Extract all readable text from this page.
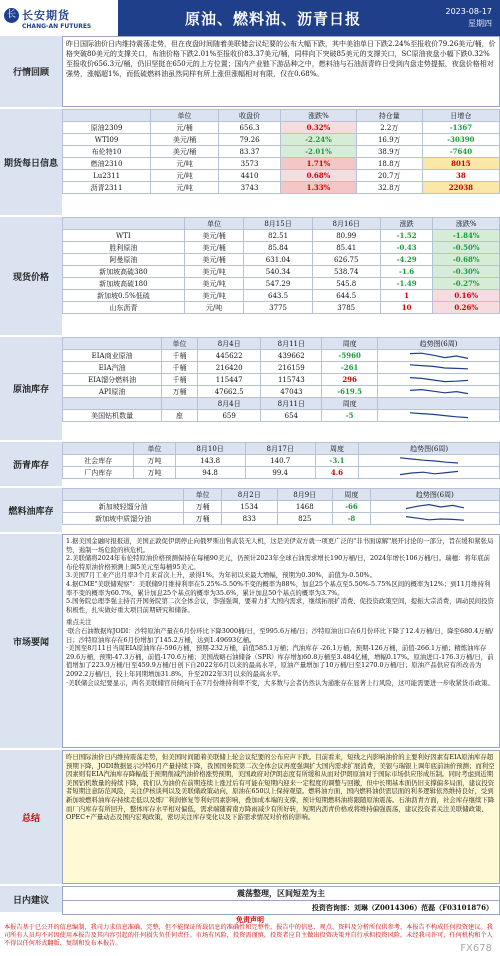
长 长安期货
CHANG-AN FUTURES	原油、燃料油、沥青日报	2023-08-17
星期四
行情回顾
昨日国际油价日内维持震荡走势，但在夜盘时间随着美联储会议纪要的公布大幅下跌，其中美油单日下跌2.24%至报收价79.26美元/桶，价格突破80美元的支撑关口，布油价格下跌2.01%至报收价83.37美元/桶，同样向下突破85美元的支撑关口，SC原油夜盘小幅下跌0.32%至报收价656.3元/桶，仍旧坚挺在650元的上方位置；国内产业链下游品种之中，燃料油与石油沥青昨日受到内盘走势提振，夜盘价格相对强势，涨幅超1%，而低硫燃料油虽然同样有所上涨但涨幅相对有限，仅在0.68%。
期货每日信息
	单位	收盘价	涨跌%	持仓量	日增仓
原油2309	元/桶	656.3	0.32%	2.2万	-1367
WTI09	美元/桶	79.26	-2.24%	16.9万	-30390
布伦特10	美元/桶	83.37	-2.01%	38.9万	-7640
燃油2310	元/吨	3573	1.71%	18.8万	8015
Lu2311	元/吨	4410	0.68%	20.7万	38
沥青2311	元/吨	3743	1.33%	32.8万	22038
现货价格
	单位	8月15日	8月16日	涨跌	涨跌%
WTI	美元/桶	82.51	80.99	-1.52	-1.84%
胜利原油	美元/桶	85.84	85.41	-0.43	-0.50%
阿曼原油	美元/桶	631.04	626.75	-4.29	-0.68%
新加坡高硫380	美元/吨	540.34	538.74	-1.6	-0.30%
新加坡高硫180	美元/吨	547.29	545.8	-1.49	-0.27%
新加坡0.5%低硫	美元/吨	643.5	644.5	1	0.16%
山东沥青	元/吨	3775	3785	10	0.26%
原油库存
	单位	8月4日	8月11日	周度	趋势图(6周)
EIA商业原油	千桶	445622	439662	-5960	

EIA汽油	千桶	216420	216159	-261	

EIA馏分燃料油	千桶	115447	115743	296	

API原油	万桶	47662.5	47043	-619.5	

		8月4日	8月11日	周度	
美国钻机数量	座	659	654	-5	
沥青库存
	单位	8月10日	8月17日	周度	趋势图(6周)
社会库存	万吨	143.8	140.7	-3.1	

厂内库存	万吨	94.8	99.4	4.6	
燃料油库存
	单位	8月2日	8月9日	周度	趋势图(6周)
新加坡轻馏分油	万桶	1534	1468	-66	

新加坡中质馏分油	万桶	833	825	-8	
市场要闻
1.据美国金融时报报道，美国正敦促伊朗停止向俄罗斯出售武装无人机，这是美伊双方就一项更广泛的"非书面谅解"展开讨论的一部分，旨在缓和紧张局势，遏制一场危险的核危机。
2.美联储将2024年布伦特原油价格预测保持在每桶90美元，仍预计2023年全球石油需求增长190万桶/日，2024年增长106万桶/日。瑞穗：将年底前布伦特原油价格预测上调5美元至每桶95美元。
3.美国7月工业产出月率3个月来首次上升，录得1%。为年初以来最大增幅，预期为0.30%，前值为-0.50%。
4.据CME"美联储观察"：美联储9月维持利率在5.25%-5.50%不变的概率为88%，加息25个基点至5.50%-5.75%区间的概率为12%；到11月维持利率不变的概率为60.7%，累计加息25个基点的概率为35.6%，累计加息50个基点的概率为3.7%。
5.国务院总理李强主持召开国务院第二次全体会议，李强强调，要着力扩大国内需求，继续拓展扩消费、促投资政策空间，提振大宗消费，调动民间投资积极性，扎实做好重大项目前期研究和储备。
重点关注
·联合石油数据库JODI：沙特原油产量在6月份环比下降3000桶/日，至995.6万桶/日；沙特原油出口在6月份环比下降了12.4万桶/日，降至680.4万桶/日；沙特原油库存在6月份增加了145.2万桶，达到1.49693亿桶。
·美国至8月11日当周EIA原油库存-596万桶，预期-232万桶，前值585.1万桶；汽油库存 -26.1万桶，预期-126万桶，前值-266.1万桶；精炼油库存 29.6万桶，预期-47.3万桶，前值-170.6万桶；美国战略石油储备（SPR）库存增加60.8万桶至3.484亿桶，增幅0.17%。原油进口-176.3万桶/日，前值增加了223.9万桶/日至459.9万桶/日创下自2022年6月以来的最高水平，原油产量增加了10万桶/日至1270.0万桶/日；原油产品供应有所改善为2092.2万桶/日，较上年同期增加31.8%，升至2022年3月以来的最高水平。
·美联储会议纪要显示，两名美联储官员倾向于在7月份维持利率不变，大多数与会者仍然认为通胀存在显著上行风险，这可能需要进一步收紧货币政策。
总结
昨日国际油价日内维持震荡走势，但美国时间随着美联储上轮会议纪要的公布应声下跌。目前看来，短线之内影响油价的主要利好因素有EIA原油库存超预期下降，JODI数据显示沙特6月产量持续下降，我国国务院第二次全体会议再度强调扩大国内需求扩展消费，美银与瑞银上调年底前油价预测；而利空因素则有EIA汽油库存降幅低于预期削减汽油价格涨势预期，美国政府对伊朗态度有所缓和从而对伊朗原油对于国际市场供应形成压制。同时考虑到近期美国钻机数量的持续下降，我们认为油价在前期连续上涨过后有可能在短期内迎来一定程度的调整与回撤，但中长期基本面仍旧支撑偏多局面，建议投资者短期注意防范风险，关注伊核谈判以及美联储政策动向，原油在650以上保持观望。燃料油方面，国内燃料油供需层面的利多逻辑依然维持良好，受到新加坡燃料油库存持续走低以及炼厂利润修复等利好因素影响，叠加成本端的支撑，预计短期燃料油将跟随原油震荡。石油沥青方面，社会库存继续下降而厂内库存有所回升，整体库存水平相对偏低，需求端随着南方降雨减少有所好转，短期内沥青价格或将维持偏强震荡，建议投资者关注美联储政策、OPEC+产量动态及国内宏观政策，密切关注库存变化以及下游需求情况对价格的影响。
日内建议
震荡整理，区间短差为主
投资咨询部：刘琳（Z0014306）范磊（F03101876）
免责声明
本报告基于已公开的信息编制，我司力求信息准确、完整，但不能保证所载信息的准确性和完整性，报告中的信息、观点、资料及分析所仅供参考，本报告不构成任何投资建议。我司所有人员均不对因使用本报告及其内容引起的任何损失负任何责任。市场有风险，投资需谨慎，投资者应自主做出投资决策并自行承担投资风险。未经我司许可，任何机构和个人不得以任何形式翻版、复制和发布本报告。	FX678
